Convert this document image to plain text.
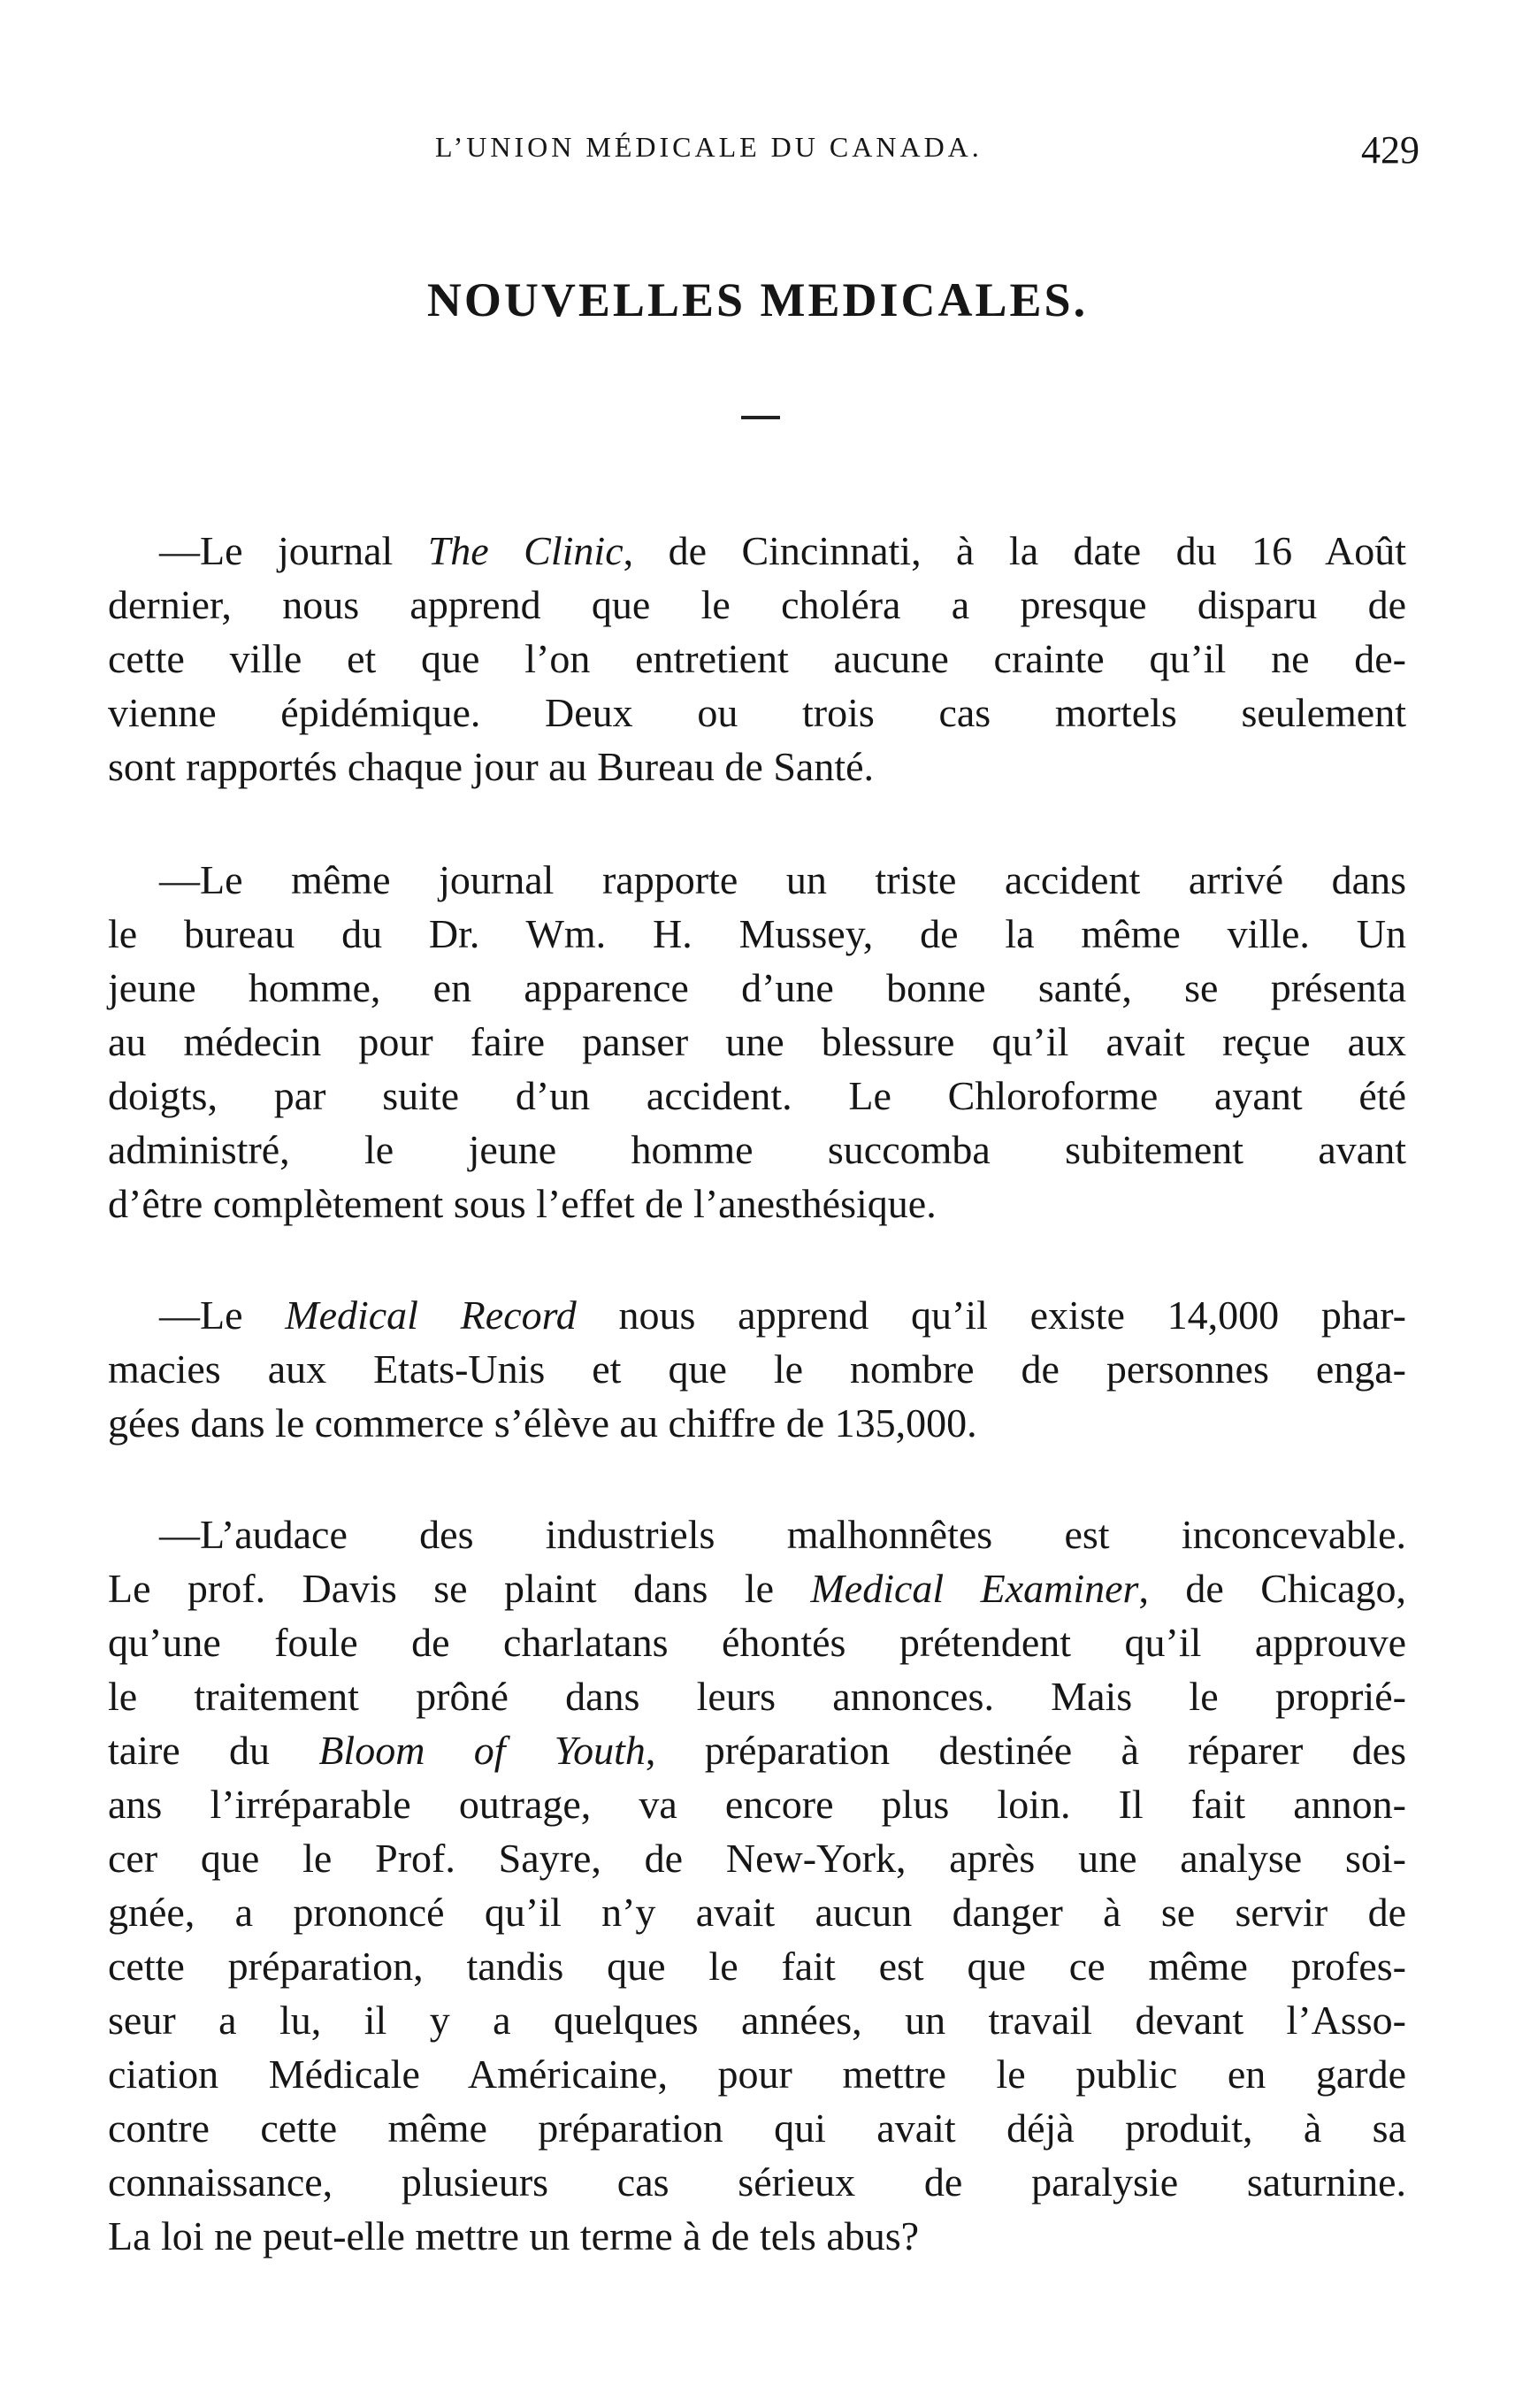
L’UNION MÉDICALE DU CANADA.	429
NOUVELLES MEDICALES.

—Le journal The Clinic, de Cincinnati, à la date du 16 Août
dernier, nous apprend que le choléra a presque disparu de
cette ville et que l’on entretient aucune crainte qu’il ne de-
vienne épidémique. Deux ou trois cas mortels seulement
sont rapportés chaque jour au Bureau de Santé.

—Le même journal rapporte un triste accident arrivé dans
le bureau du Dr. Wm. H. Mussey, de la même ville. Un
jeune homme, en apparence d’une bonne santé, se présenta
au médecin pour faire panser une blessure qu’il avait reçue aux
doigts, par suite d’un accident. Le Chloroforme ayant été
administré, le jeune homme succomba subitement avant
d’être complètement sous l’effet de l’anesthésique.

—Le Medical Record nous apprend qu’il existe 14,000 phar-
macies aux Etats-Unis et que le nombre de personnes enga-
gées dans le commerce s’élève au chiffre de 135,000.

—L’audace des industriels malhonnêtes est inconcevable.
Le prof. Davis se plaint dans le Medical Examiner, de Chicago,
qu’une foule de charlatans éhontés prétendent qu’il approuve
le traitement prôné dans leurs annonces. Mais le proprié-
taire du Bloom of Youth, préparation destinée à réparer des
ans l’irréparable outrage, va encore plus loin. Il fait annon-
cer que le Prof. Sayre, de New-York, après une analyse soi-
gnée, a prononcé qu’il n’y avait aucun danger à se servir de
cette préparation, tandis que le fait est que ce même profes-
seur a lu, il y a quelques années, un travail devant l’Asso-
ciation Médicale Américaine, pour mettre le public en garde
contre cette même préparation qui avait déjà produit, à sa
connaissance, plusieurs cas sérieux de paralysie saturnine.
La loi ne peut-elle mettre un terme à de tels abus?
